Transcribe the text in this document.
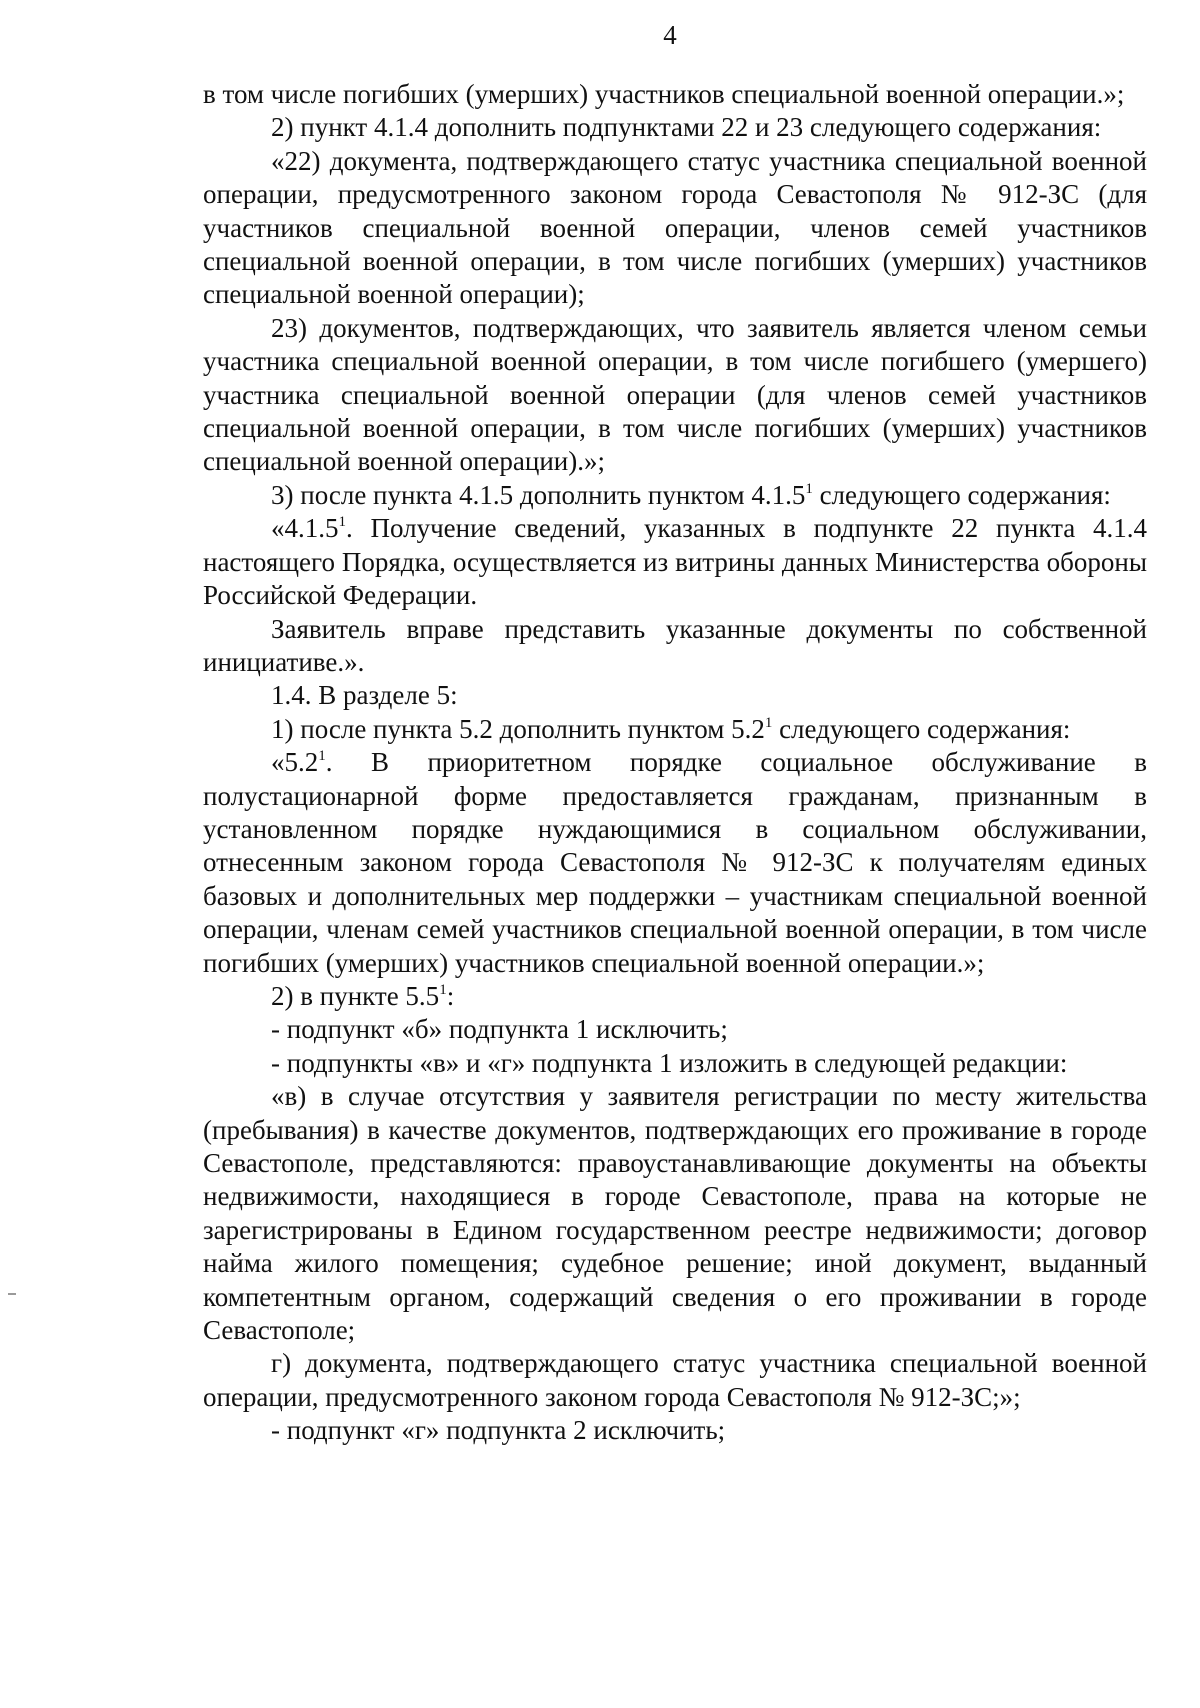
4

в том числе погибших (умерших) участников специальной военной операции.»;

2) пункт 4.1.4 дополнить подпунктами 22 и 23 следующего содержания:

«22) документа, подтверждающего статус участника специальной военной операции, предусмотренного законом города Севастополя № 912-ЗС (для участников специальной военной операции, членов семей участников специальной военной операции, в том числе погибших (умерших) участников специальной военной операции);

23) документов, подтверждающих, что заявитель является членом семьи участника специальной военной операции, в том числе погибшего (умершего) участника специальной военной операции (для членов семей участников специальной военной операции, в том числе погибших (умерших) участников специальной военной операции).»;

3) после пункта 4.1.5 дополнить пунктом 4.1.5$^1$ следующего содержания:

«4.1.5$^1$. Получение сведений, указанных в подпункте 22 пункта 4.1.4 настоящего Порядка, осуществляется из витрины данных Министерства обороны Российской Федерации.

Заявитель вправе представить указанные документы по собственной инициативе.».

1.4. В разделе 5:

1) после пункта 5.2 дополнить пунктом $5.2^1$ следующего содержания:

«$5.2^1$. В приоритетном порядке социальное обслуживание в полустационарной форме предоставляется гражданам, признанным в установленном порядке нуждающимися в социальном обслуживании, отнесенным законом города Севастополя № 912-ЗС к получателям единых базовых и дополнительных мер поддержки – участникам специальной военной операции, членам семей участников специальной военной операции, в том числе погибших (умерших) участников специальной военной операции.»;

2) в пункте $5.5^1$:

- подпункт «б» подпункта 1 исключить;

- подпункты «в» и «г» подпункта 1 изложить в следующей редакции:

«в) в случае отсутствия у заявителя регистрации по месту жительства (пребывания) в качестве документов, подтверждающих его проживание в городе Севастополе, представляются: правоустанавливающие документы на объекты недвижимости, находящиеся в городе Севастополе, права на которые не зарегистрированы в Едином государственном реестре недвижимости; договор найма жилого помещения; судебное решение; иной документ, выданный компетентным органом, содержащий сведения о его проживании в городе Севастополе;

г) документа, подтверждающего статус участника специальной военной операции, предусмотренного законом города Севастополя № 912-ЗС;»;

- подпункт «г» подпункта 2 исключить;
